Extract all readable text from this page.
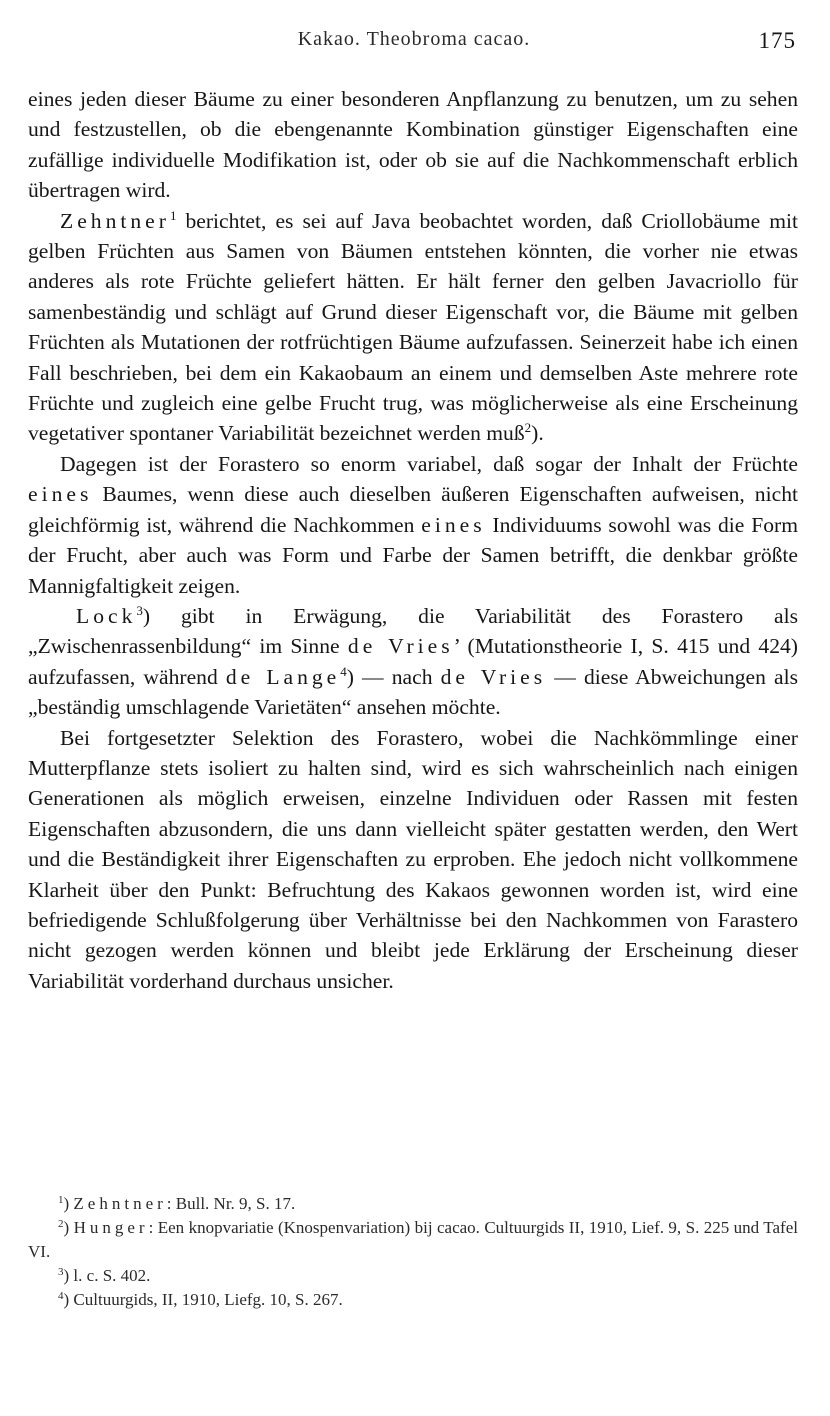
Kakao. Theobroma cacao.	175

eines jeden dieser Bäume zu einer besonderen Anpflanzung zu benutzen, um zu sehen und festzustellen, ob die ebengenannte Kombination günstiger Eigenschaften eine zufällige individuelle Modifikation ist, oder ob sie auf die Nachkommenschaft erblich übertragen wird.

Zehntner$^1$ berichtet, es sei auf Java beobachtet worden, daß Criollobäume mit gelben Früchten aus Samen von Bäumen entstehen könnten, die vorher nie etwas anderes als rote Früchte geliefert hätten. Er hält ferner den gelben Javacriollo für samenbeständig und schlägt auf Grund dieser Eigenschaft vor, die Bäume mit gelben Früchten als Mutationen der rotfrüchtigen Bäume aufzufassen. Seinerzeit habe ich einen Fall beschrieben, bei dem ein Kakaobaum an einem und demselben Aste mehrere rote Früchte und zugleich eine gelbe Frucht trug, was möglicherweise als eine Erscheinung vegetativer spontaner Variabilität bezeichnet werden muß$^2$).

Dagegen ist der Forastero so enorm variabel, daß sogar der Inhalt der Früchte eines Baumes, wenn diese auch dieselben äußeren Eigenschaften aufweisen, nicht gleichförmig ist, während die Nachkommen eines Individuums sowohl was die Form der Frucht, aber auch was Form und Farbe der Samen betrifft, die denkbar größte Mannigfaltigkeit zeigen.

Lock$^3$) gibt in Erwägung, die Variabilität des Forastero als „Zwischenrassenbildung“ im Sinne de Vries’ (Mutationstheorie I, S. 415 und 424) aufzufassen, während de Lange$^4$) — nach de Vries — diese Abweichungen als „beständig umschlagende Varietäten“ ansehen möchte.

Bei fortgesetzter Selektion des Forastero, wobei die Nachkömmlinge einer Mutterpflanze stets isoliert zu halten sind, wird es sich wahrscheinlich nach einigen Generationen als möglich erweisen, einzelne Individuen oder Rassen mit festen Eigenschaften abzusondern, die uns dann vielleicht später gestatten werden, den Wert und die Beständigkeit ihrer Eigenschaften zu erproben. Ehe jedoch nicht vollkommene Klarheit über den Punkt: Befruchtung des Kakaos gewonnen worden ist, wird eine befriedigende Schlußfolgerung über Verhältnisse bei den Nachkommen von Farastero nicht gezogen werden können und bleibt jede Erklärung der Erscheinung dieser Variabilität vorderhand durchaus unsicher.

$^1$) Zehntner: Bull. Nr. 9, S. 17.

$^2$) Hunger: Een knopvariatie (Knospenvariation) bij cacao. Cultuurgids II, 1910, Lief. 9, S. 225 und Tafel VI.

$^3$) l. c. S. 402.

$^4$) Cultuurgids, II, 1910, Liefg. 10, S. 267.
